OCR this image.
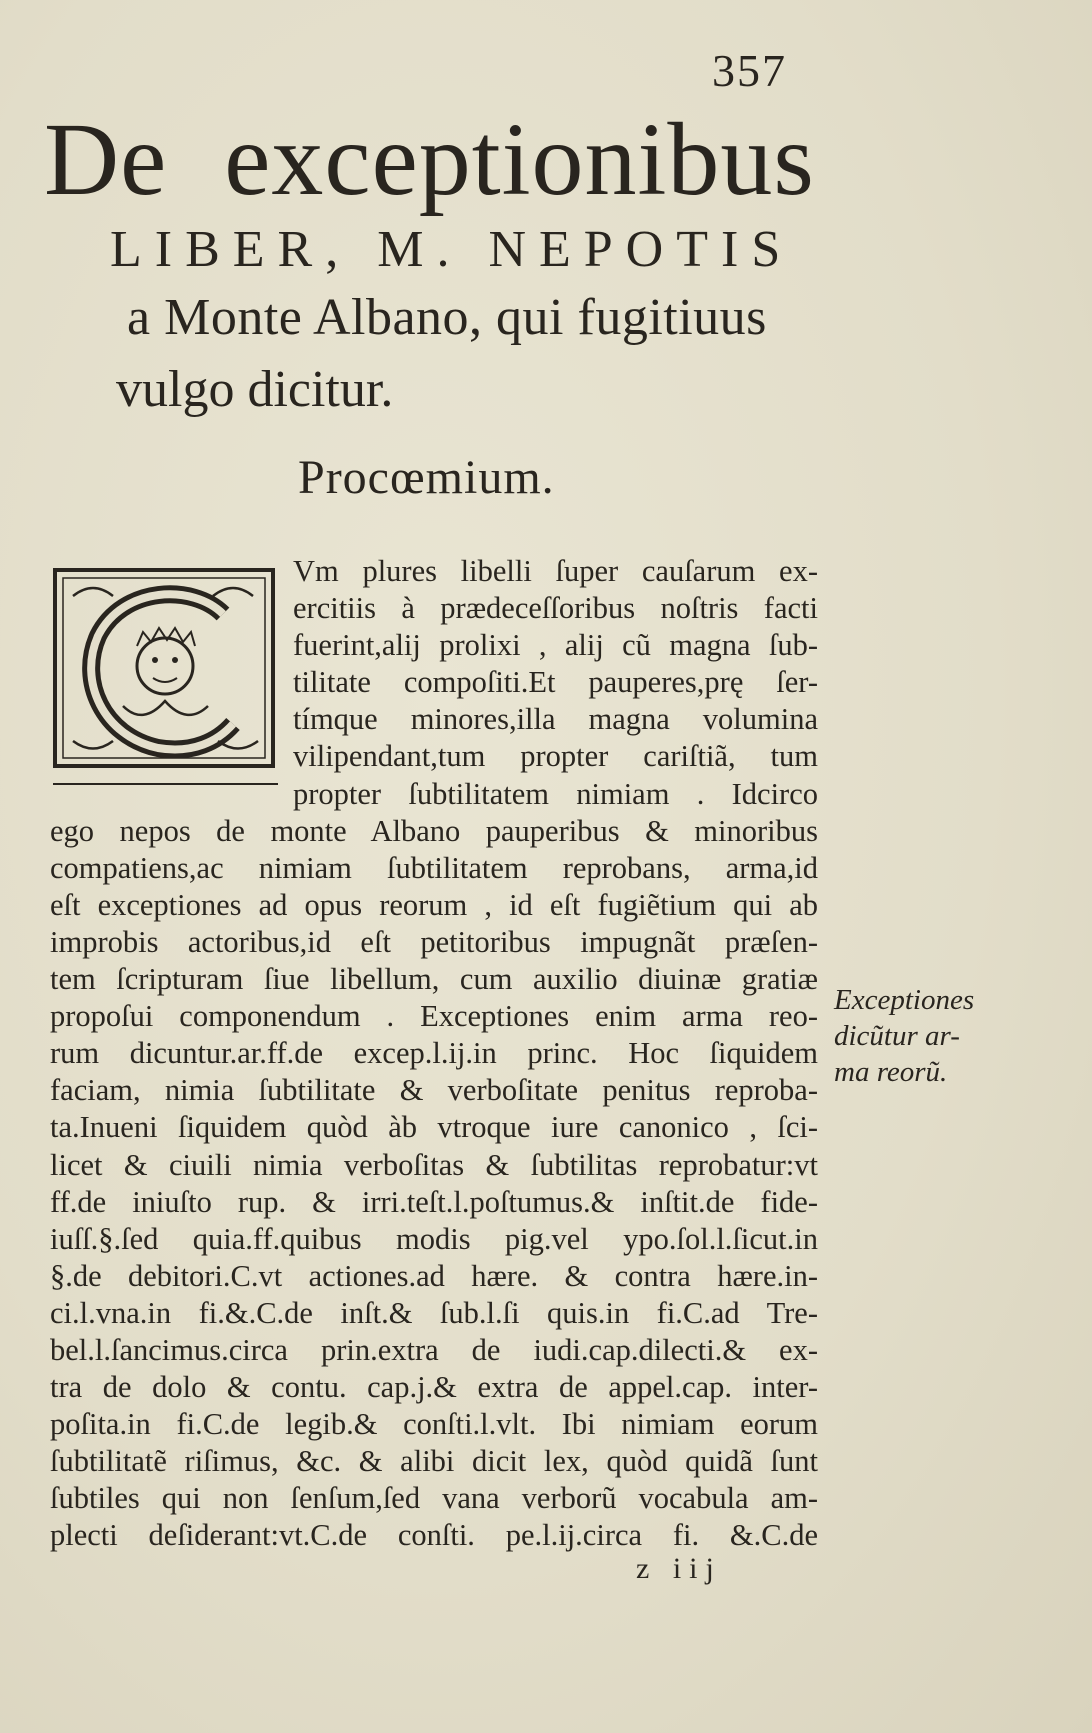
357
De exceptionibus
LIBER, M. NEPOTIS
a Monte Albano, qui fugitiuus
vulgo dicitur.
Procœmium.
Vm plures libelli ſuper cauſarum ex-
ercitiis à prædeceſſoribus noſtris facti
fuerint,alij prolixi , alij cũ magna ſub-
tilitate compoſiti.Et pauperes,prę ſer-
tímque minores,illa magna volumina
vilipendant,tum propter cariſtiã, tum
propter ſubtilitatem nimiam . Idcirco
ego nepos de monte Albano pauperibus & minoribus
compatiens,ac nimiam ſubtilitatem reprobans, arma,id
eſt exceptiones ad opus reorum , id eſt fugiẽtium qui ab
improbis actoribus,id eſt petitoribus impugnãt præſen-
tem ſcripturam ſiue libellum, cum auxilio diuinæ gratiæ
propoſui componendum . Exceptiones enim arma reo-
rum dicuntur.ar.ff.de excep.l.ij.in princ. Hoc ſiquidem
faciam, nimia ſubtilitate & verboſitate penitus reproba-
ta.Inueni ſiquidem quòd àb vtroque iure canonico , ſci-
licet & ciuili nimia verboſitas & ſubtilitas reprobatur:vt
ff.de iniuſto rup. & irri.teſt.l.poſtumus.& inſtit.de fide-
iuſſ.§.ſed quia.ff.quibus modis pig.vel ypo.ſol.l.ſicut.in
§.de debitori.C.vt actiones.ad hære. & contra hære.in-
ci.l.vna.in fi.&.C.de inſt.& ſub.l.ſi quis.in fi.C.ad Tre-
bel.l.ſancimus.circa prin.extra de iudi.cap.dilecti.& ex-
tra de dolo & contu. cap.j.& extra de appel.cap. inter-
poſita.in fi.C.de legib.& conſti.l.vlt. Ibi nimiam eorum
ſubtilitatẽ riſimus, &c. & alibi dicit lex, quòd quidã ſunt
ſubtiles qui non ſenſum,ſed vana verborũ vocabula am-
plecti deſiderant:vt.C.de conſti. pe.l.ij.circa fi. &.C.de
Exceptiones
dicũtur ar-
ma reorũ.
z iij
